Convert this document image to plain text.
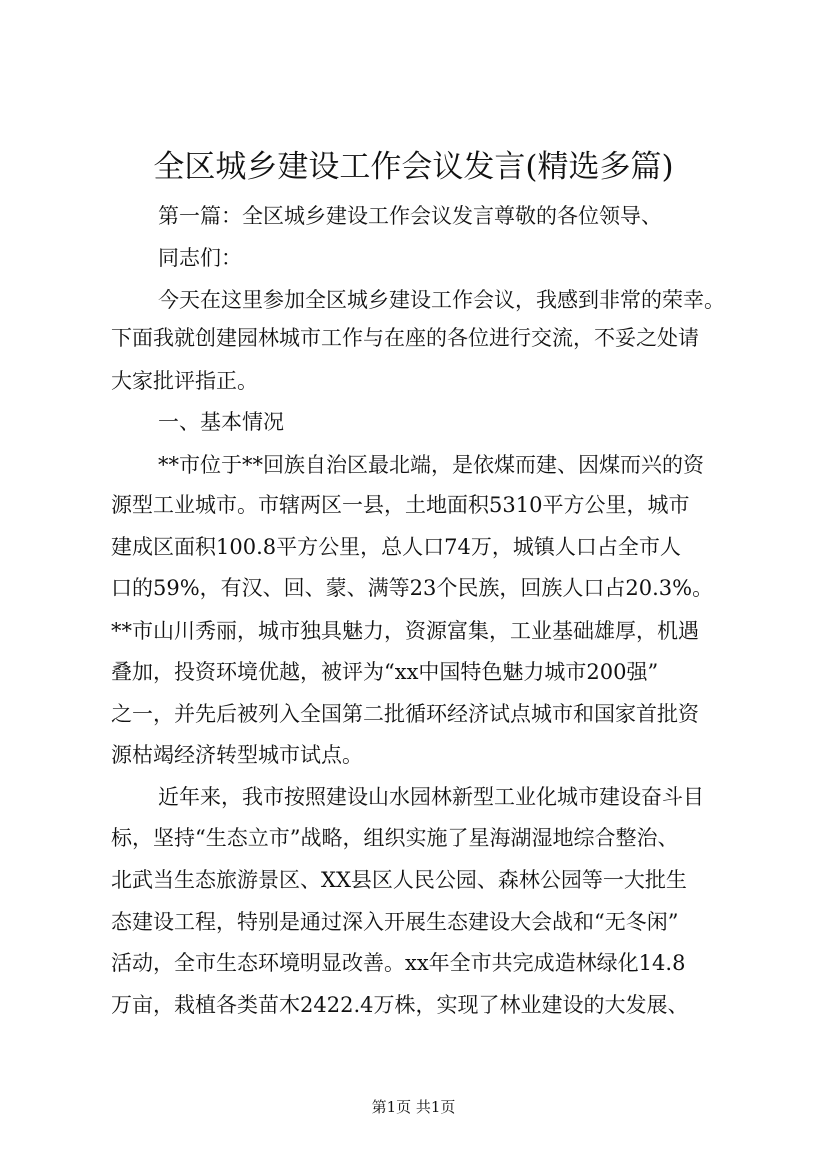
全区城乡建设工作会议发言(精选多篇)
第一篇：全区城乡建设工作会议发言尊敬的各位领导、
同志们：
今天在这里参加全区城乡建设工作会议，我感到非常的荣幸。
下面我就创建园林城市工作与在座的各位进行交流，不妥之处请
大家批评指正。
一、基本情况
**市位于**回族自治区最北端，是依煤而建、因煤而兴的资
源型工业城市。市辖两区一县，土地面积5310平方公里，城市
建成区面积100.8平方公里，总人口74万，城镇人口占全市人
口的59%，有汉、回、蒙、满等23个民族，回族人口占20.3%。
**市山川秀丽，城市独具魅力，资源富集，工业基础雄厚，机遇
叠加，投资环境优越，被评为“xx中国特色魅力城市200强”
之一，并先后被列入全国第二批循环经济试点城市和国家首批资
源枯竭经济转型城市试点。
近年来，我市按照建设山水园林新型工业化城市建设奋斗目
标，坚持“生态立市”战略，组织实施了星海湖湿地综合整治、
北武当生态旅游景区、XX县区人民公园、森林公园等一大批生
态建设工程，特别是通过深入开展生态建设大会战和“无冬闲”
活动，全市生态环境明显改善。xx年全市共完成造林绿化14.8
万亩，栽植各类苗木2422.4万株，实现了林业建设的大发展、
第1页 共1页
